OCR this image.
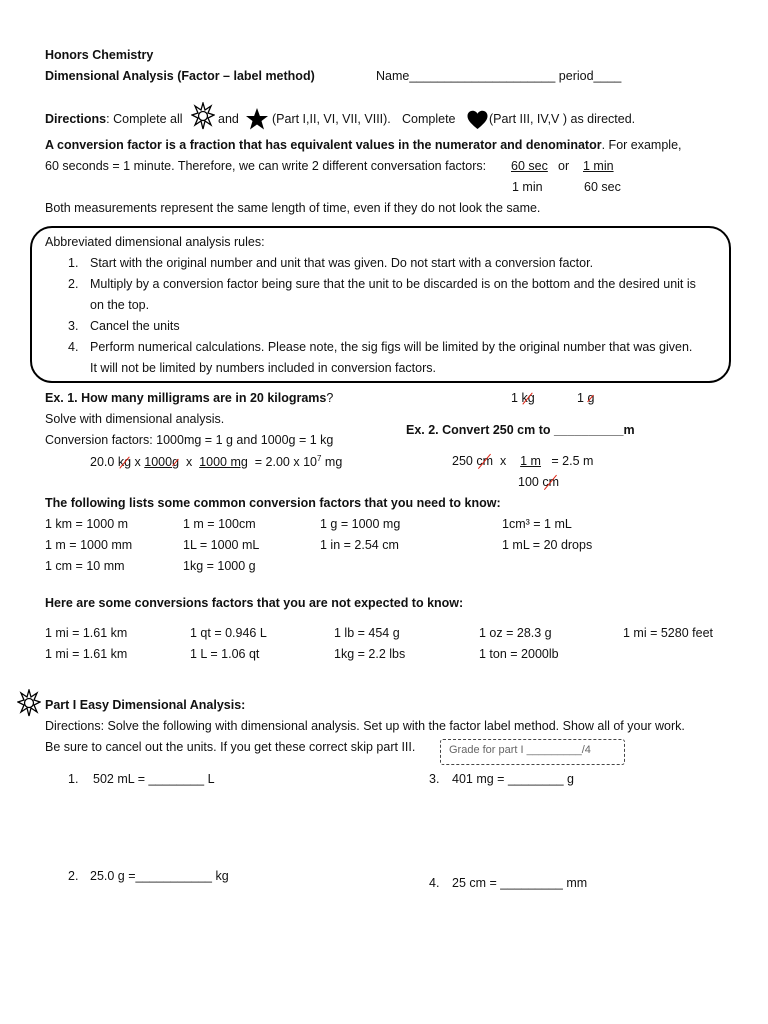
Honors Chemistry
Dimensional Analysis (Factor – label method)	Name_____________________ period____
Directions: Complete all	and	(Part I,II, VI, VII, VIII). Complete	(Part III, IV,V ) as directed.
A conversion factor is a fraction that has equivalent values in the numerator and denominator. For example,
60 seconds = 1 minute. Therefore, we can write 2 different conversation factors: 60 sec or 1 min
1 min	60 sec
Both measurements represent the same length of time, even if they do not look the same.
Abbreviated dimensional analysis rules:
1. Start with the original number and unit that was given. Do not start with a conversion factor.
2. Multiply by a conversion factor being sure that the unit to be discarded is on the bottom and the desired unit is
on the top.
3. Cancel the units
4. Perform numerical calculations. Please note, the sig figs will be limited by the original number that was given.
It will not be limited by numbers included in conversion factors.
Ex. 1. How many milligrams are in 20 kilograms?
Solve with dimensional analysis.
Conversion factors: 1000mg = 1 g and 1000g = 1 kg
20.0 kg x 1000g x 1000 mg = 2.00 x $10^7$ mg
1 kg	1 g
Ex. 2. Convert 250 cm to __________m
250 cm x 1 m = 2.5 m
100 cm
The following lists some common conversion factors that you need to know:
1 km = 1000 m	1 m = 100cm	1 g = 1000 mg	1cm³ = 1 mL
1 m = 1000 mm	1L = 1000 mL	1 in = 2.54 cm	1 mL = 20 drops
1 cm = 10 mm	1kg = 1000 g
Here are some conversions factors that you are not expected to know:
1 mi = 1.61 km	1 qt = 0.946 L	1 lb = 454 g	1 oz = 28.3 g	1 mi = 5280 feet
1 mi = 1.61 km	1 L = 1.06 qt	1kg = 2.2 lbs	1 ton = 2000lb
Part I Easy Dimensional Analysis:
Directions: Solve the following with dimensional analysis. Set up with the factor label method. Show all of your work.
Be sure to cancel out the units. If you get these correct skip part III.	Grade for part I _________/4
1. 502 mL = ________ L
2. 25.0 g =___________ kg
3. 401 mg = ________ g
4. 25 cm = _________ mm
